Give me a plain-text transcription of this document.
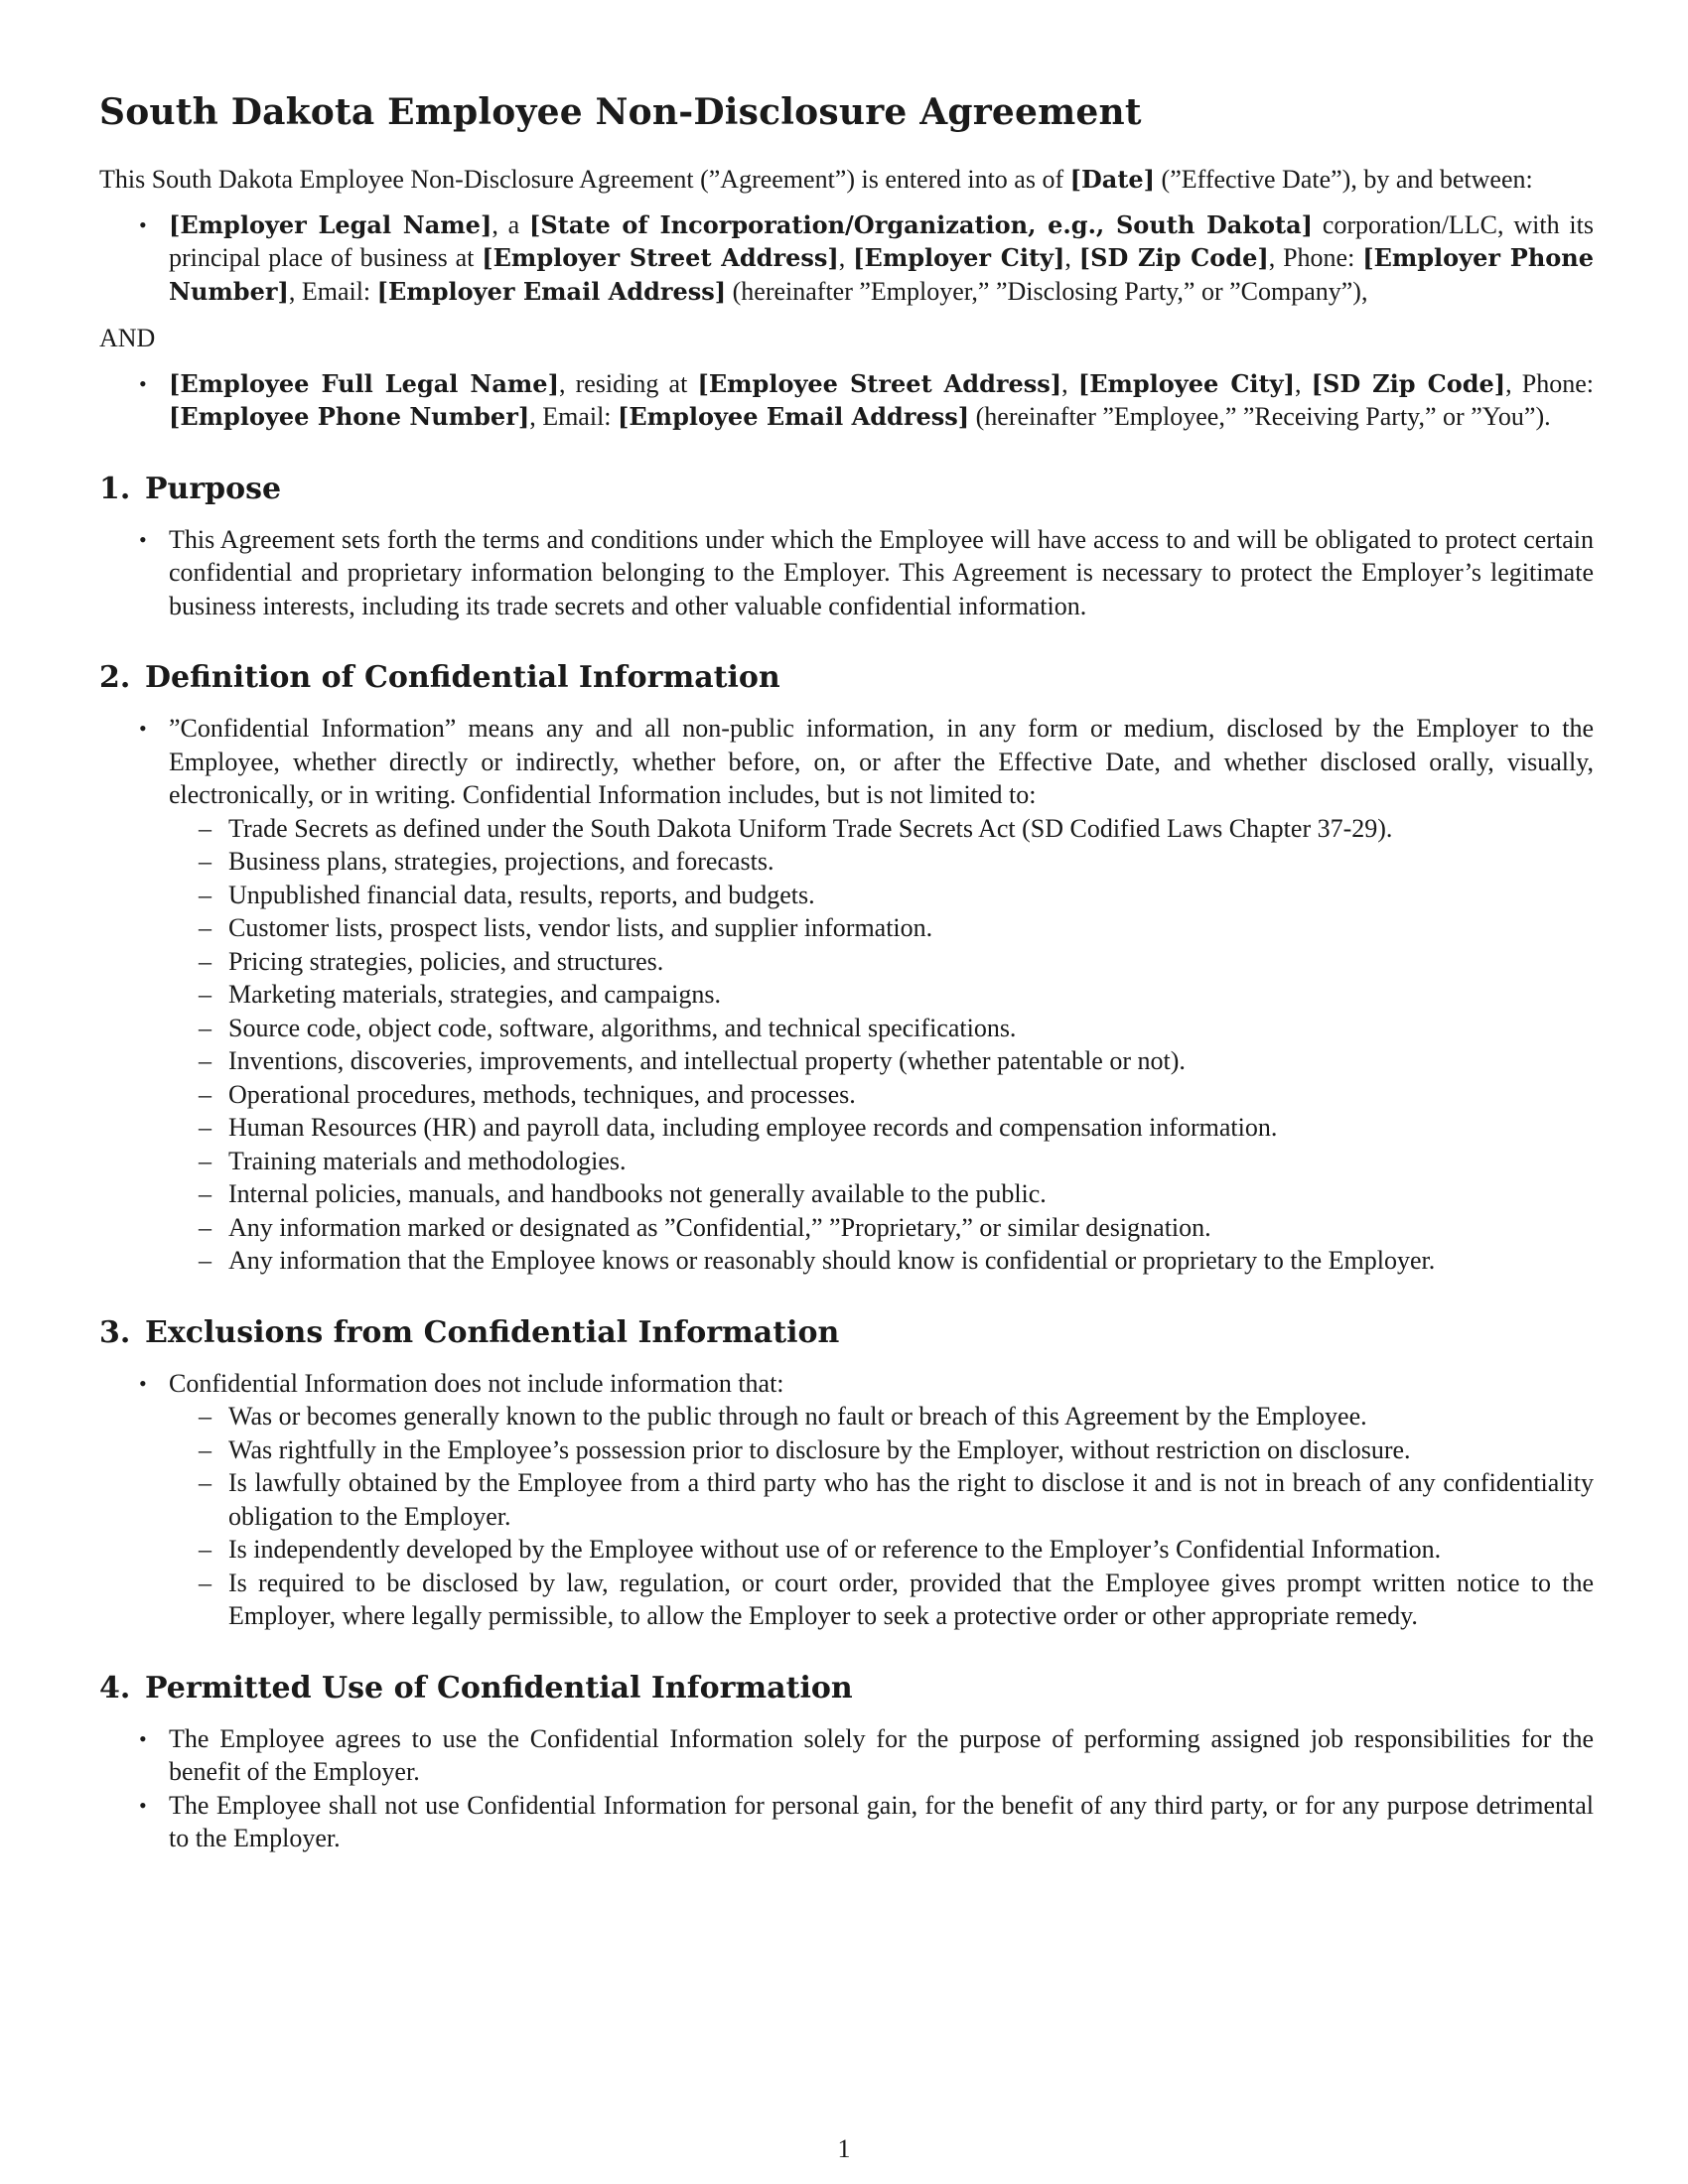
South Dakota Employee Non-Disclosure Agreement

This South Dakota Employee Non-Disclosure Agreement (”Agreement”) is entered into as of [Date] (”Effective Date”), by and between:

• [Employer Legal Name], a [State of Incorporation/Organization, e.g., South Dakota] corporation/LLC, with its principal place of business at [Employer Street Address], [Employer City], [SD Zip Code], Phone: [Employer Phone Number], Email: [Employer Email Address] (hereinafter ”Employer,” ”Disclosing Party,” or ”Company”),

AND

• [Employee Full Legal Name], residing at [Employee Street Address], [Employee City], [SD Zip Code], Phone: [Employee Phone Number], Email: [Employee Email Address] (hereinafter ”Employee,” ”Receiving Party,” or ”You”).
1. Purpose
• This Agreement sets forth the terms and conditions under which the Employee will have access to and will be obligated to protect certain confidential and proprietary information belonging to the Employer. This Agreement is necessary to protect the Employer’s legitimate business interests, including its trade secrets and other valuable confidential information.
2. Definition of Confidential Information
• ”Confidential Information” means any and all non-public information, in any form or medium, disclosed by the Employer to the Employee, whether directly or indirectly, whether before, on, or after the Effective Date, and whether disclosed orally, visually, electronically, or in writing. Confidential Information includes, but is not limited to:
– Trade Secrets as defined under the South Dakota Uniform Trade Secrets Act (SD Codified Laws Chapter 37-29).
– Business plans, strategies, projections, and forecasts.
– Unpublished financial data, results, reports, and budgets.
– Customer lists, prospect lists, vendor lists, and supplier information.
– Pricing strategies, policies, and structures.
– Marketing materials, strategies, and campaigns.
– Source code, object code, software, algorithms, and technical specifications.
– Inventions, discoveries, improvements, and intellectual property (whether patentable or not).
– Operational procedures, methods, techniques, and processes.
– Human Resources (HR) and payroll data, including employee records and compensation information.
– Training materials and methodologies.
– Internal policies, manuals, and handbooks not generally available to the public.
– Any information marked or designated as ”Confidential,” ”Proprietary,” or similar designation.
– Any information that the Employee knows or reasonably should know is confidential or proprietary to the Employer.
3. Exclusions from Confidential Information
• Confidential Information does not include information that:
– Was or becomes generally known to the public through no fault or breach of this Agreement by the Employee.
– Was rightfully in the Employee’s possession prior to disclosure by the Employer, without restriction on disclosure.
– Is lawfully obtained by the Employee from a third party who has the right to disclose it and is not in breach of any confidentiality obligation to the Employer.
– Is independently developed by the Employee without use of or reference to the Employer’s Confidential Information.
– Is required to be disclosed by law, regulation, or court order, provided that the Employee gives prompt written notice to the Employer, where legally permissible, to allow the Employer to seek a protective order or other appropriate remedy.
4. Permitted Use of Confidential Information
• The Employee agrees to use the Confidential Information solely for the purpose of performing assigned job responsibilities for the benefit of the Employer.
• The Employee shall not use Confidential Information for personal gain, for the benefit of any third party, or for any purpose detrimental to the Employer.
1
